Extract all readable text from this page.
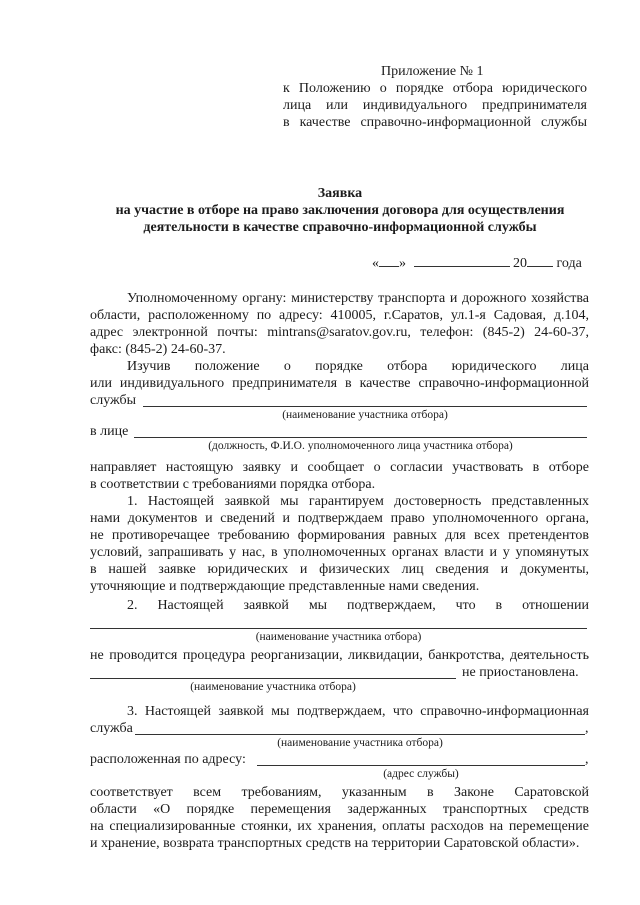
Приложение № 1
к Положению о порядке отбора юридического
лица или индивидуального предпринимателя
в качестве справочно-информационной службы
Заявка
на участие в отборе на право заключения договора для осуществления
деятельности в качестве справочно-информационной службы
« »	20 года
Уполномоченному органу: министерству транспорта и дорожного хозяйства
области, расположенному по адресу: 410005, г.Саратов, ул.1-я Садовая, д.104,
адрес электронной почты: mintrans@saratov.gov.ru, телефон: (845-2) 24-60-37,
факс: (845-2) 24-60-37.
Изучив положение о порядке отбора юридического лица
или индивидуального предпринимателя в качестве справочно-информационной
службы
(наименование участника отбора)
в лице
(должность, Ф.И.О. уполномоченного лица участника отбора)
направляет настоящую заявку и сообщает о согласии участвовать в отборе
в соответствии с требованиями порядка отбора.
1. Настоящей заявкой мы гарантируем достоверность представленных
нами документов и сведений и подтверждаем право уполномоченного органа,
не противоречащее требованию формирования равных для всех претендентов
условий, запрашивать у нас, в уполномоченных органах власти и у упомянутых
в нашей заявке юридических и физических лиц сведения и документы,
уточняющие и подтверждающие представленные нами сведения.
2. Настоящей заявкой мы подтверждаем, что в отношении
(наименование участника отбора)
не проводится процедура реорганизации, ликвидации, банкротства, деятельность
не приостановлена.
(наименование участника отбора)
3. Настоящей заявкой мы подтверждаем, что справочно-информационная
служба	,
(наименование участника отбора)
расположенная по адресу:	,
(адрес службы)
соответствует всем требованиям, указанным в Законе Саратовской
области «О порядке перемещения задержанных транспортных средств
на специализированные стоянки, их хранения, оплаты расходов на перемещение
и хранение, возврата транспортных средств на территории Саратовской области».
